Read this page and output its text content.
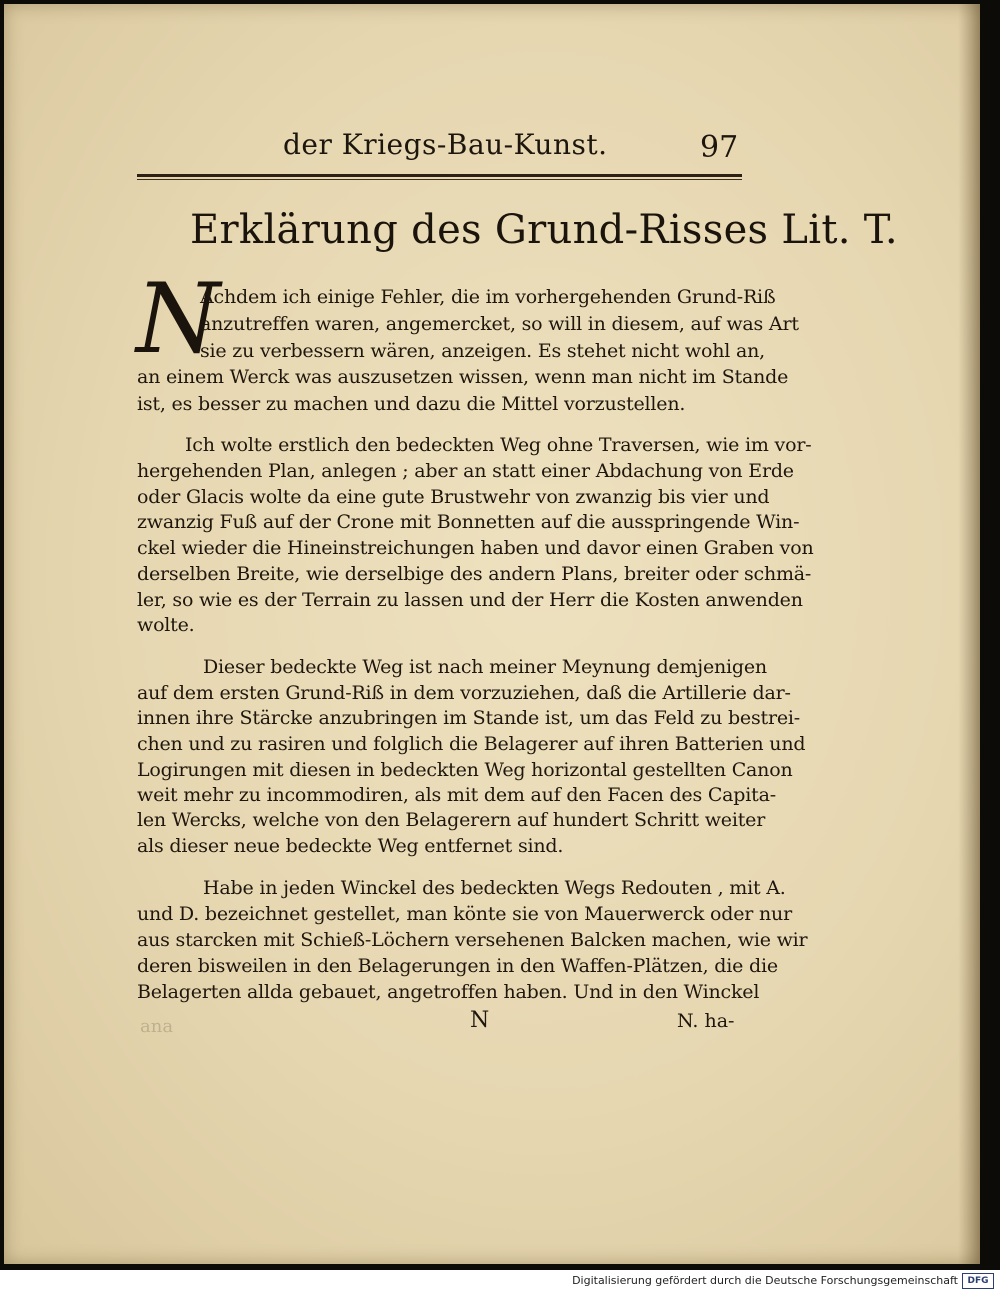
der Kriegs-Bau-Kunst.	97
Erklärung des Grund-Risses Lit. T.
N
Achdem ich einige Fehler, die im vorhergehenden Grund-Riß
anzutreffen waren, angemercket, so will in diesem, auf was Art
sie zu verbessern wären, anzeigen. Es stehet nicht wohl an,
an einem Werck was auszusetzen wissen, wenn man nicht im Stande
ist, es besser zu machen und dazu die Mittel vorzustellen.
Ich wolte erstlich den bedeckten Weg ohne Traversen, wie im vor-
hergehenden Plan, anlegen ; aber an statt einer Abdachung von Erde
oder Glacis wolte da eine gute Brustwehr von zwanzig bis vier und
zwanzig Fuß auf der Crone mit Bonnetten auf die ausspringende Win-
ckel wieder die Hineinstreichungen haben und davor einen Graben von
derselben Breite, wie derselbige des andern Plans, breiter oder schmä-
ler, so wie es der Terrain zu lassen und der Herr die Kosten anwenden
wolte.
Dieser bedeckte Weg ist nach meiner Meynung demjenigen
auf dem ersten Grund-Riß in dem vorzuziehen, daß die Artillerie dar-
innen ihre Stärcke anzubringen im Stande ist, um das Feld zu bestrei-
chen und zu rasiren und folglich die Belagerer auf ihren Batterien und
Logirungen mit diesen in bedeckten Weg horizontal gestellten Canon
weit mehr zu incommodiren, als mit dem auf den Facen des Capita-
len Wercks, welche von den Belagerern auf hundert Schritt weiter
als dieser neue bedeckte Weg entfernet sind.
Habe in jeden Winckel des bedeckten Wegs Redouten , mit A.
und D. bezeichnet gestellet, man könte sie von Mauerwerck oder nur
aus starcken mit Schieß-Löchern versehenen Balcken machen, wie wir
deren bisweilen in den Belagerungen in den Waffen-Plätzen, die die
Belagerten allda gebauet, angetroffen haben. Und in den Winckel
ana	N	N. ha-
Digitalisierung gefördert durch die Deutsche Forschungsgemeinschaft	DFG
